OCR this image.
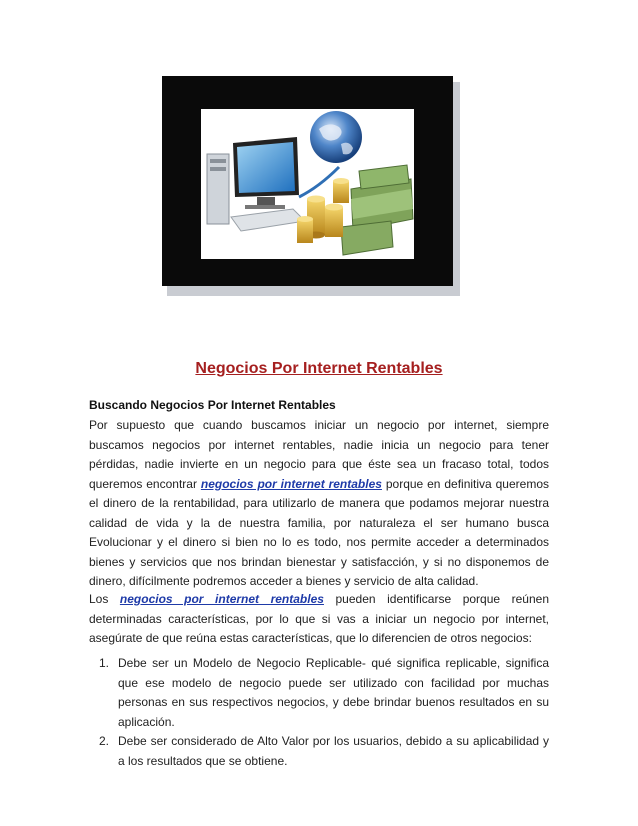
Negocios Por Internet Rentables
Buscando Negocios Por Internet Rentables

Por supuesto que cuando buscamos iniciar un negocio por internet, siempre buscamos negocios por internet rentables, nadie inicia un negocio para tener pérdidas, nadie invierte en un negocio para que éste sea un fracaso total, todos queremos encontrar negocios por internet rentables porque en definitiva queremos el dinero de la rentabilidad, para utilizarlo de manera que podamos mejorar nuestra calidad de vida y la de nuestra familia, por naturaleza el ser humano busca Evolucionar y el dinero si bien no lo es todo, nos permite acceder a determinados bienes y servicios que nos brindan bienestar y satisfacción, y si no disponemos de dinero, difícilmente podremos acceder a bienes y servicio de alta calidad.

Los negocios por internet rentables pueden identificarse porque reúnen determinadas características, por lo que si vas a iniciar un negocio por internet, asegúrate de que reúna estas características, que lo diferencien de otros negocios:

1. Debe ser un Modelo de Negocio Replicable- qué significa replicable, significa que ese modelo de negocio puede ser utilizado con facilidad por muchas personas en sus respectivos negocios, y debe brindar buenos resultados en su aplicación.
2. Debe ser considerado de Alto Valor por los usuarios, debido a su aplicabilidad y a los resultados que se obtiene.
